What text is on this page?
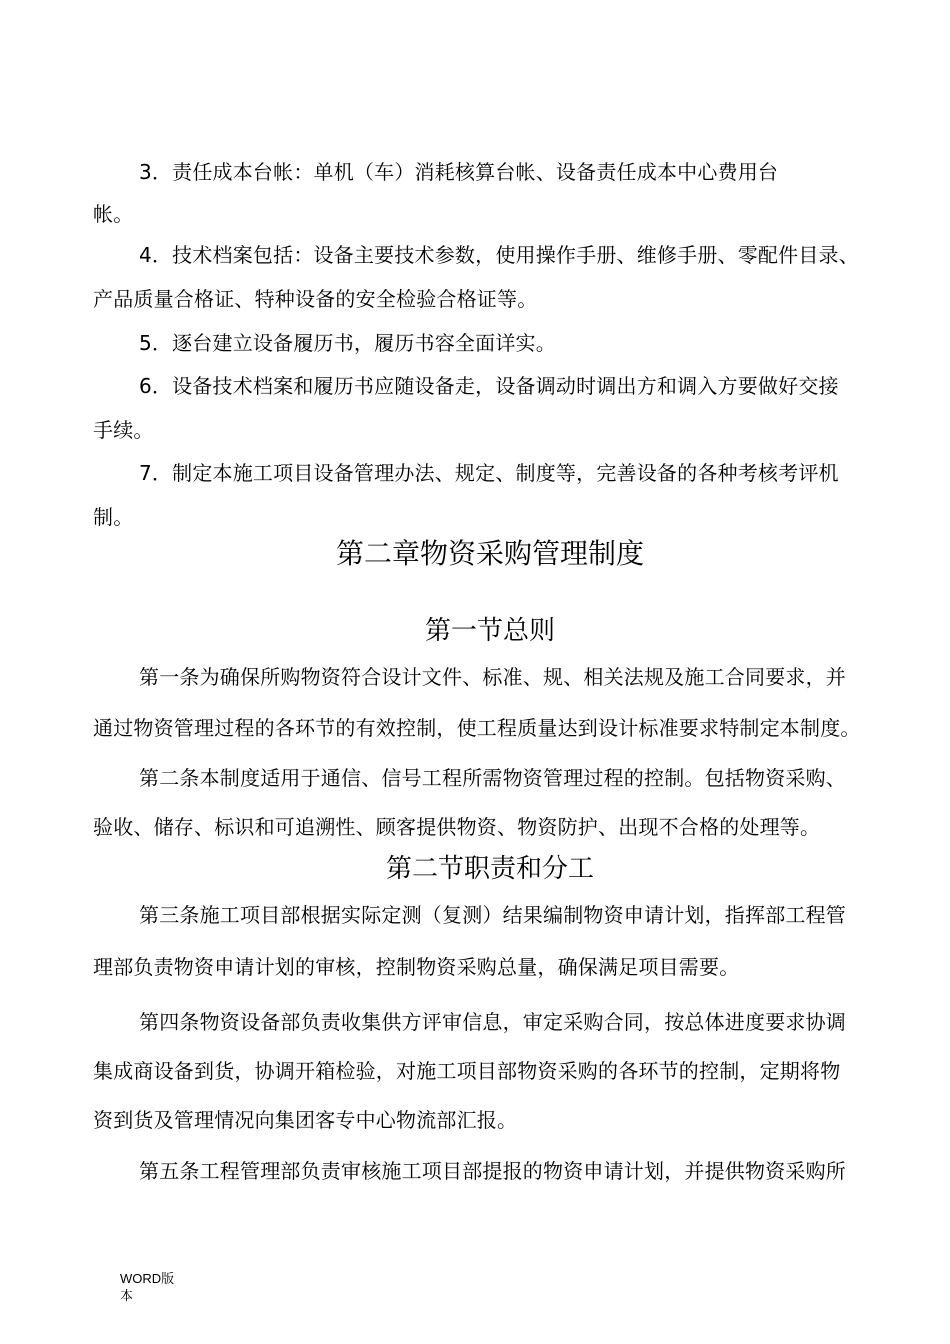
3．责任成本台帐：单机（车）消耗核算台帐、设备责任成本中心费用台
帐。
4．技术档案包括：设备主要技术参数，使用操作手册、维修手册、零配件目录、
产品质量合格证、特种设备的安全检验合格证等。
5．逐台建立设备履历书，履历书容全面详实。
6．设备技术档案和履历书应随设备走，设备调动时调出方和调入方要做好交接
手续。
7．制定本施工项目设备管理办法、规定、制度等，完善设备的各种考核考评机
制。
第二章物资采购管理制度
第一节总则
第一条为确保所购物资符合设计文件、标准、规、相关法规及施工合同要求，并
通过物资管理过程的各环节的有效控制，使工程质量达到设计标准要求特制定本制度。
第二条本制度适用于通信、信号工程所需物资管理过程的控制。包括物资采购、
验收、储存、标识和可追溯性、顾客提供物资、物资防护、出现不合格的处理等。
第二节职责和分工
第三条施工项目部根据实际定测（复测）结果编制物资申请计划，指挥部工程管
理部负责物资申请计划的审核，控制物资采购总量，确保满足项目需要。
第四条物资设备部负责收集供方评审信息，审定采购合同，按总体进度要求协调
集成商设备到货，协调开箱检验，对施工项目部物资采购的各环节的控制，定期将物
资到货及管理情况向集团客专中心物流部汇报。
第五条工程管理部负责审核施工项目部提报的物资申请计划，并提供物资采购所
WORD版
本
